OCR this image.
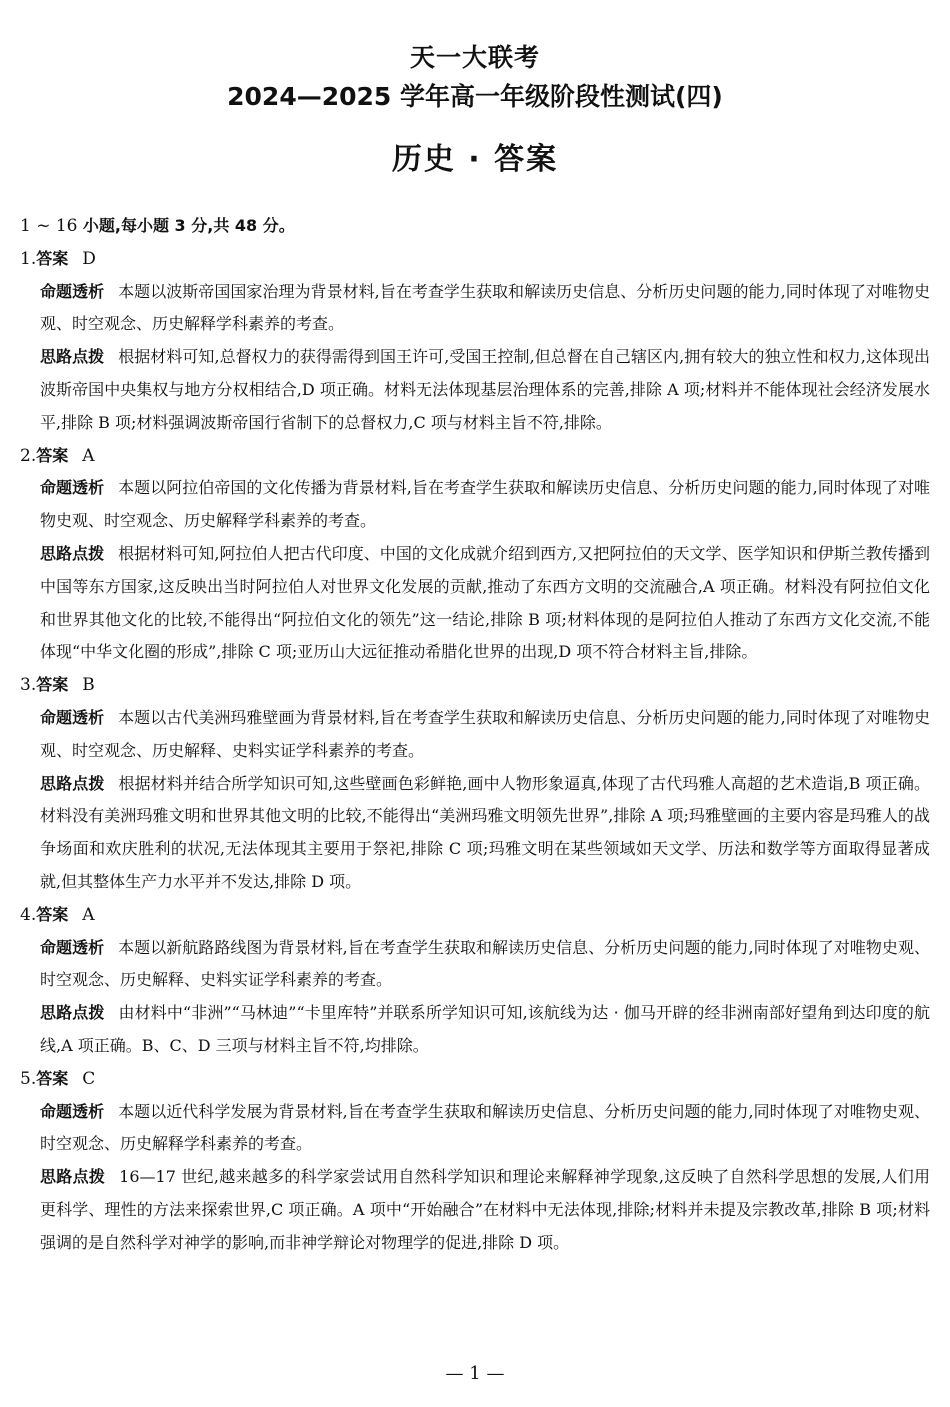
天一大联考
2024—2025 学年高一年级阶段性测试(四)
历史 · 答案
1 ~ 16 小题,每小题 3 分,共 48 分。
1.答案 D
命题透析 本题以波斯帝国国家治理为背景材料,旨在考查学生获取和解读历史信息、分析历史问题的能力,同时体现了对唯物史观、时空观念、历史解释学科素养的考查。
思路点拨 根据材料可知,总督权力的获得需得到国王许可,受国王控制,但总督在自己辖区内,拥有较大的独立性和权力,这体现出波斯帝国中央集权与地方分权相结合,D 项正确。材料无法体现基层治理体系的完善,排除 A 项;材料并不能体现社会经济发展水平,排除 B 项;材料强调波斯帝国行省制下的总督权力,C 项与材料主旨不符,排除。
2.答案 A
命题透析 本题以阿拉伯帝国的文化传播为背景材料,旨在考查学生获取和解读历史信息、分析历史问题的能力,同时体现了对唯物史观、时空观念、历史解释学科素养的考查。
思路点拨 根据材料可知,阿拉伯人把古代印度、中国的文化成就介绍到西方,又把阿拉伯的天文学、医学知识和伊斯兰教传播到中国等东方国家,这反映出当时阿拉伯人对世界文化发展的贡献,推动了东西方文明的交流融合,A 项正确。材料没有阿拉伯文化和世界其他文化的比较,不能得出“阿拉伯文化的领先”这一结论,排除 B 项;材料体现的是阿拉伯人推动了东西方文化交流,不能体现“中华文化圈的形成”,排除 C 项;亚历山大远征推动希腊化世界的出现,D 项不符合材料主旨,排除。
3.答案 B
命题透析 本题以古代美洲玛雅壁画为背景材料,旨在考查学生获取和解读历史信息、分析历史问题的能力,同时体现了对唯物史观、时空观念、历史解释、史料实证学科素养的考查。
思路点拨 根据材料并结合所学知识可知,这些壁画色彩鲜艳,画中人物形象逼真,体现了古代玛雅人高超的艺术造诣,B 项正确。材料没有美洲玛雅文明和世界其他文明的比较,不能得出“美洲玛雅文明领先世界”,排除 A 项;玛雅壁画的主要内容是玛雅人的战争场面和欢庆胜利的状况,无法体现其主要用于祭祀,排除 C 项;玛雅文明在某些领域如天文学、历法和数学等方面取得显著成就,但其整体生产力水平并不发达,排除 D 项。
4.答案 A
命题透析 本题以新航路路线图为背景材料,旨在考查学生获取和解读历史信息、分析历史问题的能力,同时体现了对唯物史观、时空观念、历史解释、史料实证学科素养的考查。
思路点拨 由材料中“非洲”“马林迪”“卡里库特”并联系所学知识可知,该航线为达 · 伽马开辟的经非洲南部好望角到达印度的航线,A 项正确。B、C、D 三项与材料主旨不符,均排除。
5.答案 C
命题透析 本题以近代科学发展为背景材料,旨在考查学生获取和解读历史信息、分析历史问题的能力,同时体现了对唯物史观、时空观念、历史解释学科素养的考查。
思路点拨 16—17 世纪,越来越多的科学家尝试用自然科学知识和理论来解释神学现象,这反映了自然科学思想的发展,人们用更科学、理性的方法来探索世界,C 项正确。A 项中“开始融合”在材料中无法体现,排除;材料并未提及宗教改革,排除 B 项;材料强调的是自然科学对神学的影响,而非神学辩论对物理学的促进,排除 D 项。
— 1 —
